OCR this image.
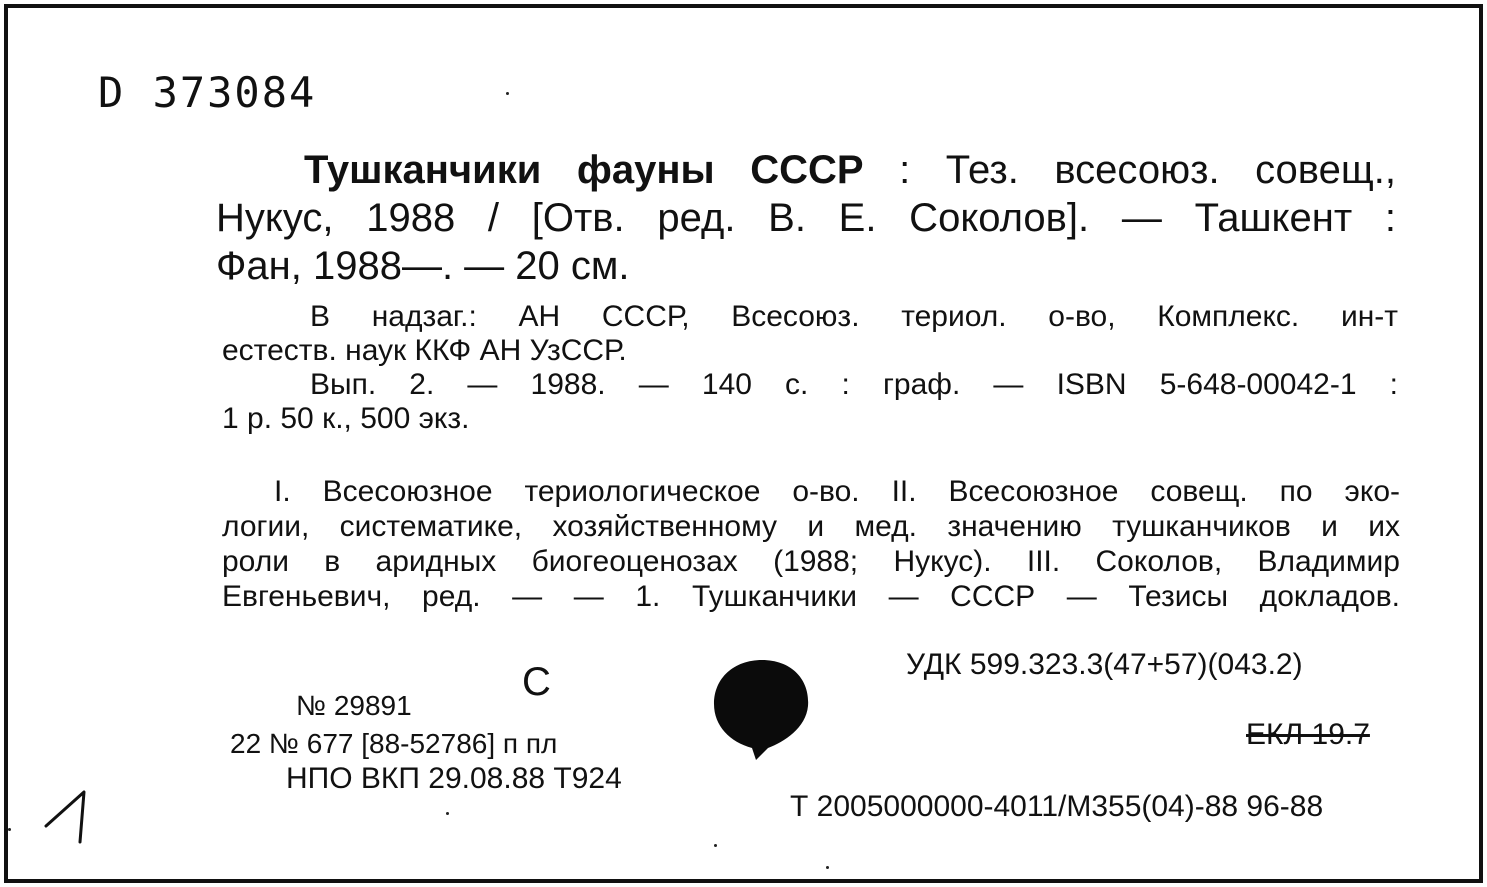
D 373084
Тушканчики фауны СССР : Тез. всесоюз. совещ.,
Нукус, 1988 / [Отв. ред. В. Е. Соколов]. — Ташкент :
Фан, 1988—. — 20 см.
В надзаг.: АН СССР, Всесоюз. териол. о-во, Комплекс. ин-т
естеств. наук ККФ АН УзССР.
Вып. 2. — 1988. — 140 с. : граф. — ISBN 5-648-00042-1 :
1 р. 50 к., 500 экз.
I. Всесоюзное териологическое о-во. II. Всесоюзное совещ. по эко-
логии, систематике, хозяйственному и мед. значению тушканчиков и их
роли в аридных биогеоценозах (1988; Нукус). III. Соколов, Владимир
Евгеньевич, ред. — — 1. Тушканчики — СССР — Тезисы докладов.
С	УДК 599.323.3(47+57)(043.2)
ЕКЛ 19.7
№ 29891
22 № 677 [88-52786] п пл
НПО ВКП 29.08.88 Т924
Т 2005000000-4011/М355(04)-88 96-88
